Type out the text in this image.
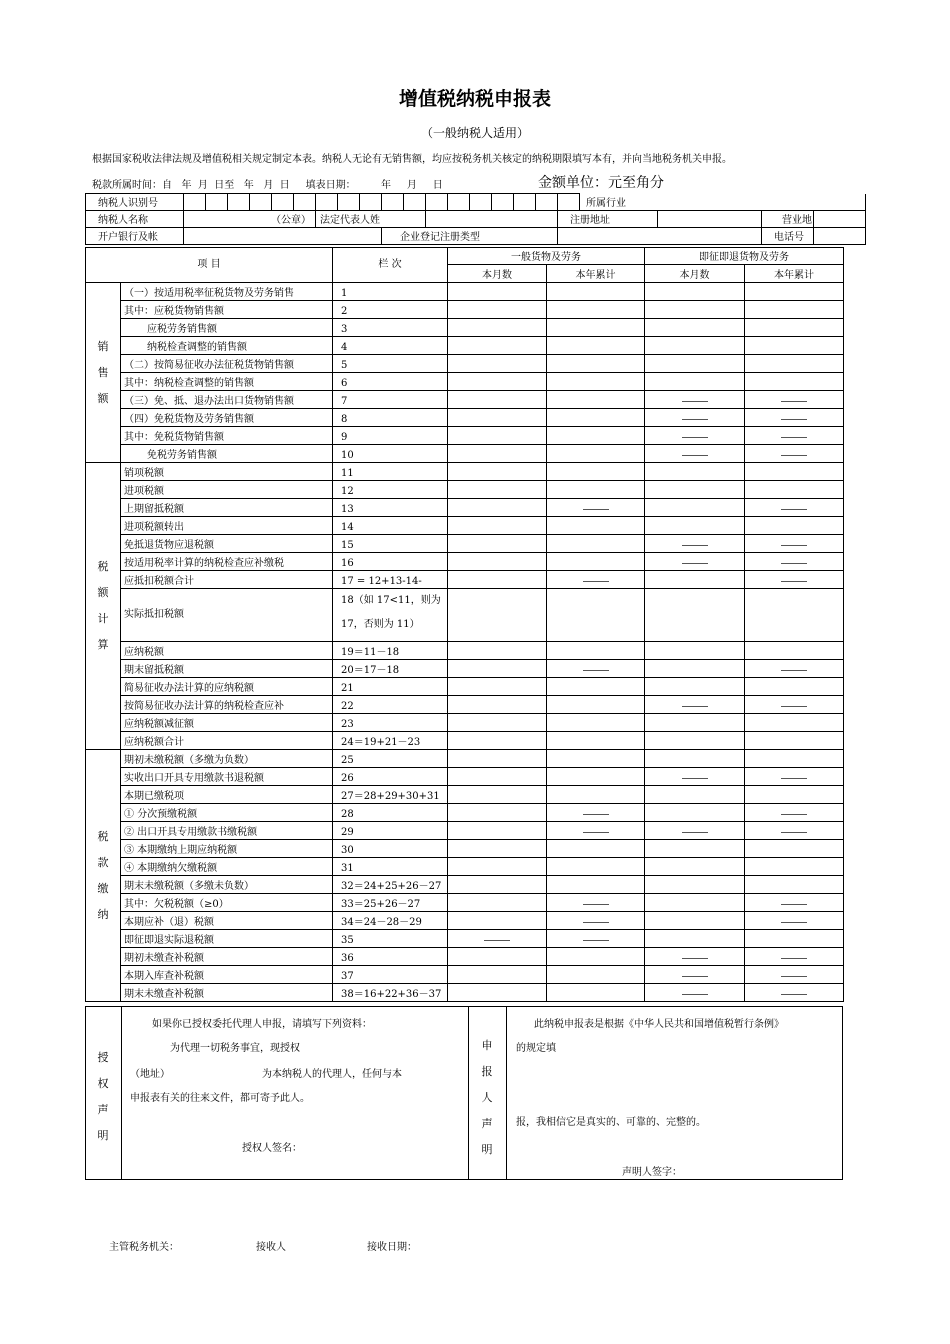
增值税纳税申报表
（一般纳税人适用）
根据国家税收法律法规及增值税相关规定制定本表。纳税人无论有无销售额，均应按税务机关核定的纳税期限填写本有，并向当地税务机关申报。
税款所属时间：自   年  月  日至   年   月  日     填表日期：        年     月     日	金额单位：元至角分
纳税人识别号						所属行业			
纳税人名称	（公章）	法定代表人姓			注册地址			营业地	
开户银行及帐			企业登记注册类型					电话号	
项 目		栏 次	一般货物及劳务		即征即退货物及劳务	
			本月数	本年累计	本月数	本年累计
销售额	（一）按适用税率征税货物及劳务销售	1				
	其中：应税货物销售额	2				
	应税劳务销售额	3				
	纳税检查调整的销售额	4				
	（二）按简易征收办法征税货物销售额	5				
	其中：纳税检查调整的销售额	6				
	（三）免、抵、退办法出口货物销售额	7				
	（四）免税货物及劳务销售额	8				
	其中：免税货物销售额	9				
	免税劳务销售额	10				
税额计算	销项税额	11				
	进项税额	12				
	上期留抵税额	13				
	进项税额转出	14				
	免抵退货物应退税额	15				
	按适用税率计算的纳税检查应补缴税	16				
	应抵扣税额合计	17 = 12+13-14-				
	实际抵扣税额	18（如 17<11，则为 17，否则为 11）				
	应纳税额	19＝11－18				
	期末留抵税额	20＝17－18				
	简易征收办法计算的应纳税额	21				
	按简易征收办法计算的纳税检查应补	22				
	应纳税额减征额	23				
	应纳税额合计	24＝19+21－23				
税款缴纳	期初未缴税额（多缴为负数）	25				
	实收出口开具专用缴款书退税额	26				
	本期已缴税项	27＝28+29+30+31				
	① 分次预缴税额	28				
	② 出口开具专用缴款书缴税额	29				
	③ 本期缴纳上期应纳税额	30				
	④ 本期缴纳欠缴税额	31				
	期末未缴税额（多缴未负数）	32＝24+25+26－27				
	其中：欠税税额（≥0）	33＝25+26－27				
	本期应补（退）税额	34＝24－28－29				
	即征即退实际退税额	35				
	期初未缴查补税额	36				
	本期入库查补税额	37				
	期末未缴查补税额	38＝16+22+36－37				
授权声明
如果你已授权委托代理人申报，请填写下列资料：
为代理一切税务事宜，现授权
（地址）	为本纳税人的代理人，任何与本
申报表有关的往来文件，都可寄予此人。
授权人签名：
申报人声明
此纳税申报表是根据《中华人民共和国增值税暂行条例》
的规定填
报，我相信它是真实的、可靠的、完整的。
声明人签字：
主管税务机关：	接收人	接收日期：
